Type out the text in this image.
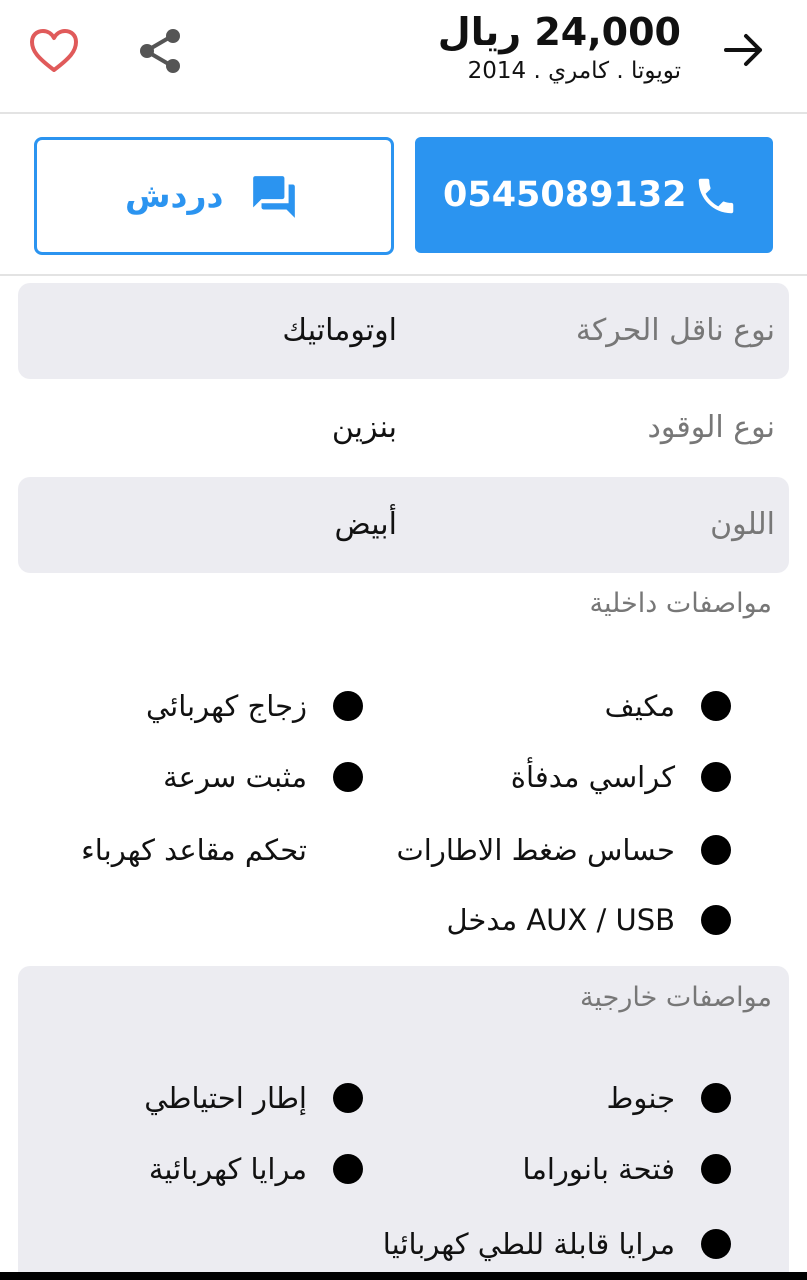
24,000 ريال
تويوتا . كامري . 2014
0545089132
دردش
نوع ناقل الحركة
اوتوماتيك
نوع الوقود
بنزين
اللون
أبيض
مواصفات داخلية
مكيف
زجاج كهربائي
كراسي مدفأة
مثبت سرعة
حساس ضغط الاطارات
تحكم مقاعد كهرباء
AUX / USB مدخل
مواصفات خارجية
جنوط
إطار احتياطي
فتحة بانوراما
مرايا كهربائية
مرايا قابلة للطي كهربائيا
